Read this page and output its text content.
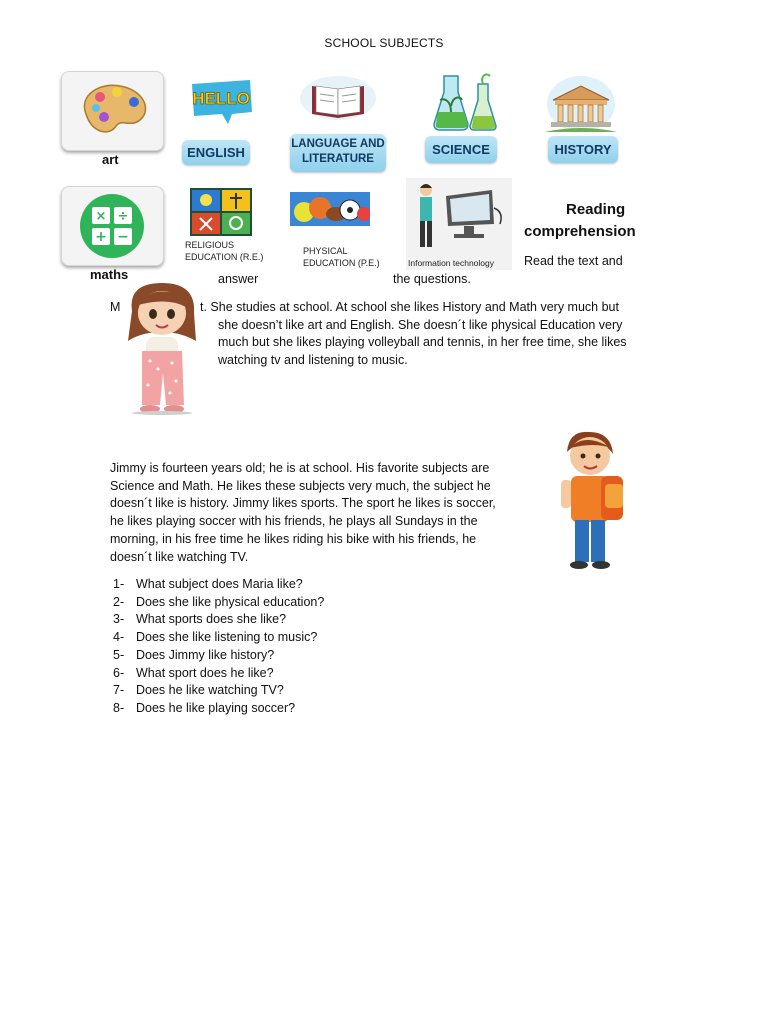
SCHOOL SUBJECTS
art
HELLO
ENGLISH
LANGUAGE AND LITERATURE
SCIENCE	HISTORY
× ÷
+ −
maths
RELIGIOUS EDUCATION (R.E.)
PHYSICAL EDUCATION (P.E.)	Information technology
Reading
comprehension
Read the text and
answer	the questions.
M	t. She studies at school. At school she likes History and Math very much but
she doesn’t like art and English. She doesn´t like physical Education very
much but she likes playing volleyball and tennis, in her free time, she likes
watching tv and listening to music.
Jimmy is fourteen years old; he is at school. His favorite subjects are
Science and Math. He likes these subjects very much, the subject he
doesn´t like is history. Jimmy likes sports. The sport he likes is soccer,
he likes playing soccer with his friends, he plays all Sundays in the
morning, in his free time he likes riding his bike with his friends, he
doesn´t like watching TV.
1- What subject does Maria like?
2- Does she like physical education?
3- What sports does she like?
4- Does she like listening to music?
5- Does Jimmy like history?
6- What sport does he like?
7- Does he like watching TV?
8- Does he like playing soccer?
